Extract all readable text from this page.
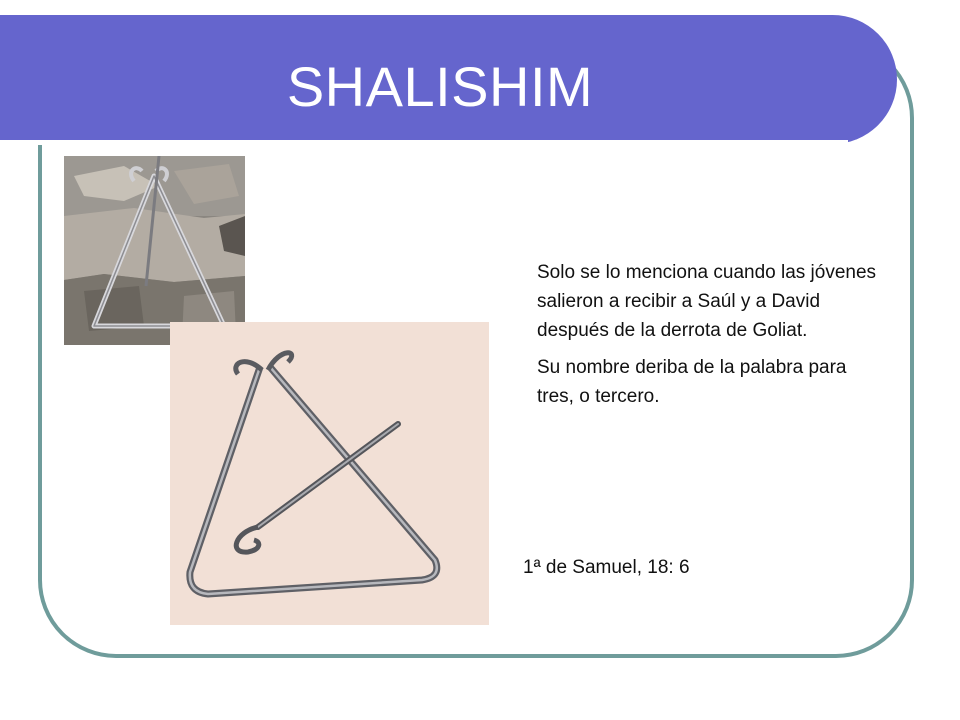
SHALISHIM

Solo se lo menciona cuando las jóvenes salieron a recibir a Saúl y a David después de la derrota de Goliat.

Su nombre deriba de la palabra para tres, o tercero.

1ª de Samuel, 18: 6
